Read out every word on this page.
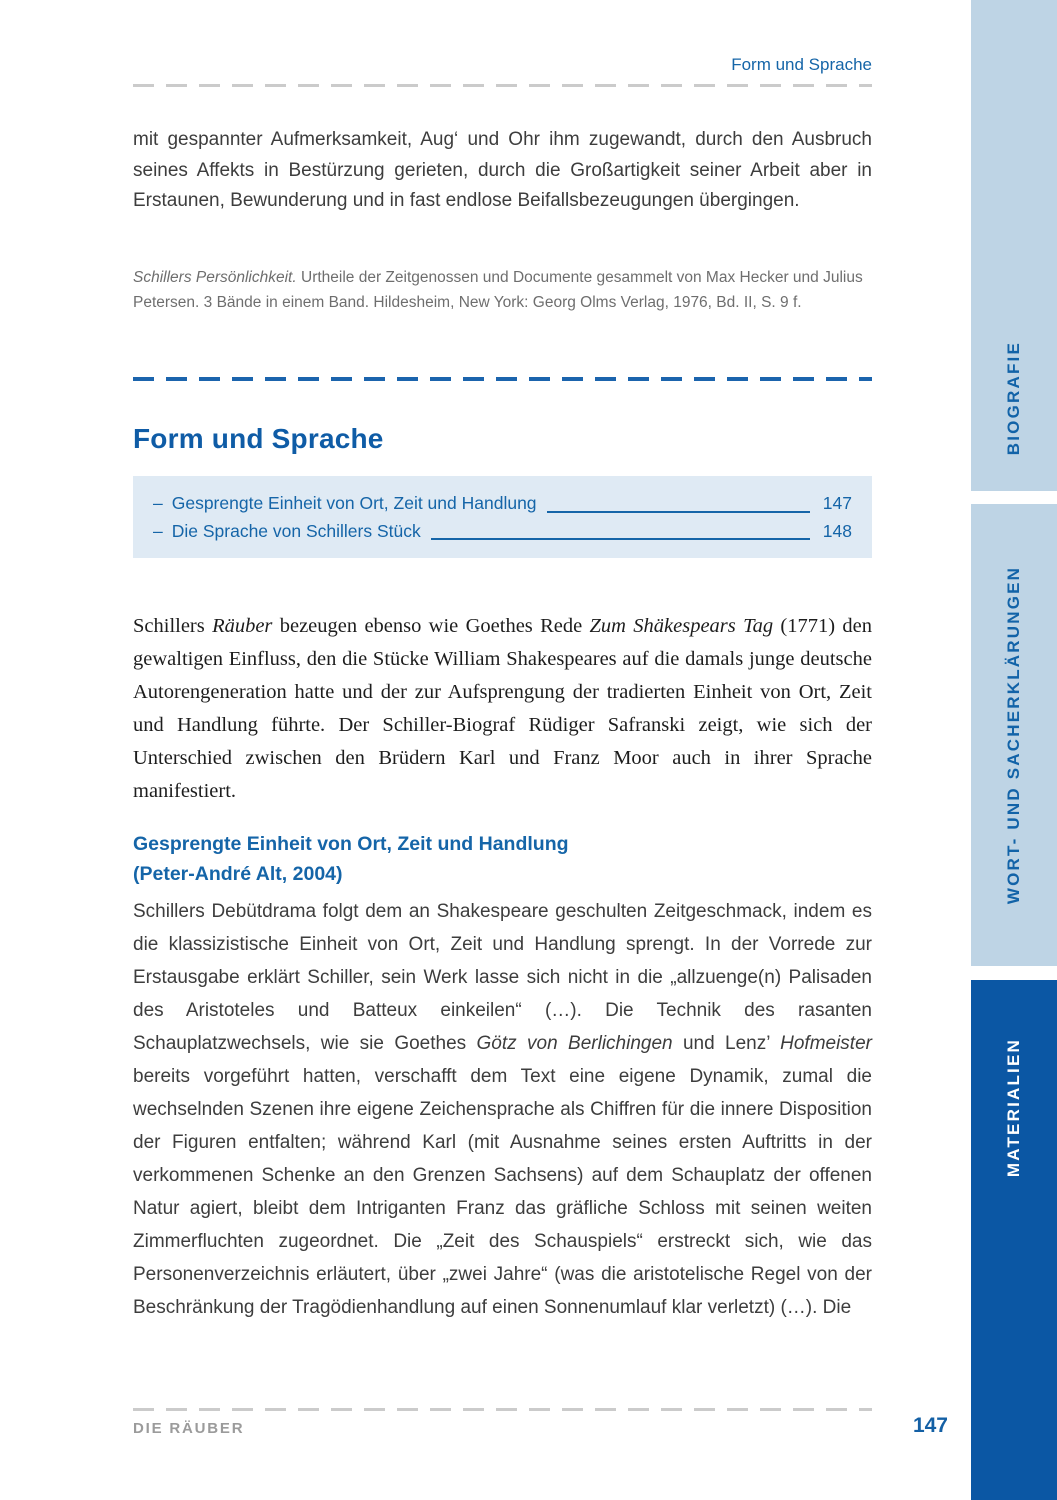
Form und Sprache

mit gespannter Aufmerksamkeit, Aug‘ und Ohr ihm zugewandt, durch den Ausbruch seines Affekts in Bestürzung gerieten, durch die Großartigkeit seiner Arbeit aber in Erstaunen, Bewunderung und in fast endlose Beifallsbezeugungen übergingen.

Schillers Persönlichkeit. Urtheile der Zeitgenossen und Documente gesammelt von Max Hecker und Julius Petersen. 3 Bände in einem Band. Hildesheim, New York: Georg Olms Verlag, 1976, Bd. II, S. 9 f.

Form und Sprache
– Gesprengte Einheit von Ort, Zeit und Handlung	147
– Die Sprache von Schillers Stück	148

Schillers Räuber bezeugen ebenso wie Goethes Rede Zum Shäkespears Tag (1771) den gewaltigen Einfluss, den die Stücke William Shakespeares auf die damals junge deutsche Autorengeneration hatte und der zur Aufsprengung der tradierten Einheit von Ort, Zeit und Handlung führte. Der Schiller-Biograf Rüdiger Safranski zeigt, wie sich der Unterschied zwischen den Brüdern Karl und Franz Moor auch in ihrer Sprache manifestiert.

Gesprengte Einheit von Ort, Zeit und Handlung
(Peter-André Alt, 2004)

Schillers Debütdrama folgt dem an Shakespeare geschulten Zeitgeschmack, indem es die klassizistische Einheit von Ort, Zeit und Handlung sprengt. In der Vorrede zur Erstausgabe erklärt Schiller, sein Werk lasse sich nicht in die „allzuenge(n) Palisaden des Aristoteles und Batteux einkeilen“ (…). Die Technik des rasanten Schauplatzwechsels, wie sie Goethes Götz von Berlichingen und Lenz’ Hofmeister bereits vorgeführt hatten, verschafft dem Text eine eigene Dynamik, zumal die wechselnden Szenen ihre eigene Zeichensprache als Chiffren für die innere Disposition der Figuren entfalten; während Karl (mit Ausnahme seines ersten Auftritts in der verkommenen Schenke an den Grenzen Sachsens) auf dem Schauplatz der offenen Natur agiert, bleibt dem Intriganten Franz das gräfliche Schloss mit seinen weiten Zimmerfluchten zugeordnet. Die „Zeit des Schauspiels“ erstreckt sich, wie das Personenverzeichnis erläutert, über „zwei Jahre“ (was die aristotelische Regel von der Beschränkung der Tragödienhandlung auf einen Sonnenumlauf klar verletzt) (…). Die

DIE RÄUBER	147
BIOGRAFIE
WORT- UND SACHERKLÄRUNGEN
MATERIALIEN
